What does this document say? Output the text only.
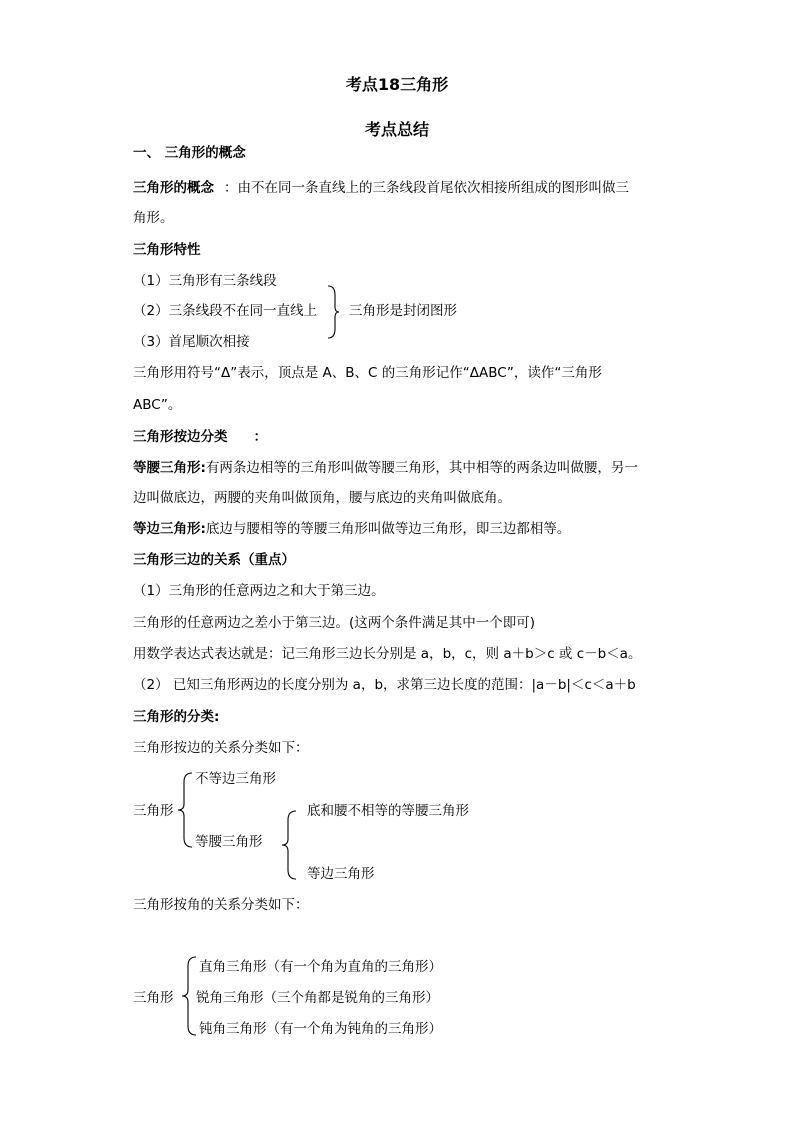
考点18三角形
考点总结
一、 三角形的概念
三角形的概念 ：由不在同一条直线上的三条线段首尾依次相接所组成的图形叫做三
角形。
三角形特性
（1）三角形有三条线段
（2）三条线段不在同一直线上
（3）首尾顺次相接
三角形是封闭图形
三角形用符号“Δ”表示，顶点是 A、B、C 的三角形记作“ΔABC”，读作“三角形
ABC”。
三角形按边分类 ：
等腰三角形:有两条边相等的三角形叫做等腰三角形，其中相等的两条边叫做腰，另一
边叫做底边，两腰的夹角叫做顶角，腰与底边的夹角叫做底角。
等边三角形:底边与腰相等的等腰三角形叫做等边三角形，即三边都相等。
三角形三边的关系（重点）
（1）三角形的任意两边之和大于第三边。
三角形的任意两边之差小于第三边。(这两个条件满足其中一个即可)
用数学表达式表达就是：记三角形三边长分别是 a，b，c，则 a＋b＞c 或 c－b＜a。
（2） 已知三角形两边的长度分别为 a，b，求第三边长度的范围：|a－b|＜c＜a＋b
三角形的分类:
三角形按边的关系分类如下：
三角形
不等边三角形
等腰三角形
底和腰不相等的等腰三角形
等边三角形
三角形按角的关系分类如下：
三角形
直角三角形（有一个角为直角的三角形）
锐角三角形（三个角都是锐角的三角形）
钝角三角形（有一个角为钝角的三角形）
